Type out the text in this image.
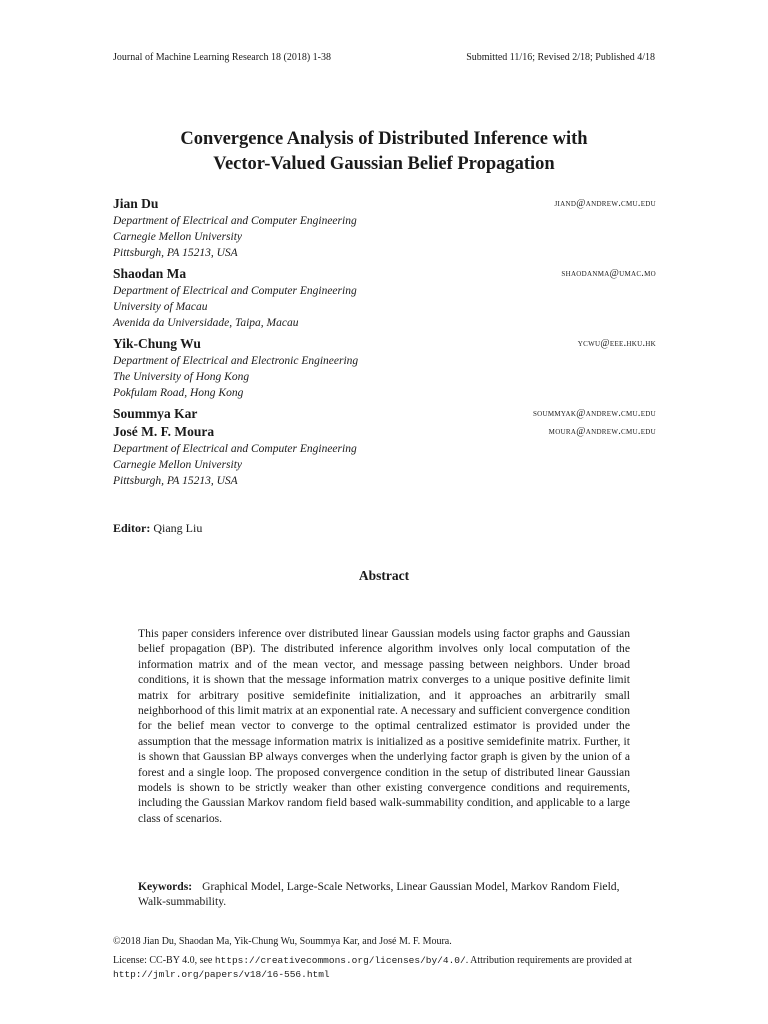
Journal of Machine Learning Research 18 (2018) 1-38	Submitted 11/16; Revised 2/18; Published 4/18
Convergence Analysis of Distributed Inference with
Vector-Valued Gaussian Belief Propagation
jiand@andrew.cmu.edu
Jian Du
Department of Electrical and Computer Engineering
Carnegie Mellon University
Pittsburgh, PA 15213, USA
shaodanma@umac.mo
Shaodan Ma
Department of Electrical and Computer Engineering
University of Macau
Avenida da Universidade, Taipa, Macau
ycwu@eee.hku.hk
Yik-Chung Wu
Department of Electrical and Electronic Engineering
The University of Hong Kong
Pokfulam Road, Hong Kong
soummyak@andrew.cmu.edu
Soummya Kar
moura@andrew.cmu.edu
José M. F. Moura
Department of Electrical and Computer Engineering
Carnegie Mellon University
Pittsburgh, PA 15213, USA
Editor: Qiang Liu
Abstract
This paper considers inference over distributed linear Gaussian models using factor graphs and Gaussian belief propagation (BP). The distributed inference algorithm involves only local computation of the information matrix and of the mean vector, and message passing between neighbors. Under broad conditions, it is shown that the message information matrix converges to a unique positive definite limit matrix for arbitrary positive semidefinite initialization, and it approaches an arbitrarily small neighborhood of this limit matrix at an exponential rate. A necessary and sufficient convergence condition for the belief mean vector to converge to the optimal centralized estimator is provided under the assumption that the message information matrix is initialized as a positive semidefinite matrix. Further, it is shown that Gaussian BP always converges when the underlying factor graph is given by the union of a forest and a single loop. The proposed convergence condition in the setup of distributed linear Gaussian models is shown to be strictly weaker than other existing convergence conditions and requirements, including the Gaussian Markov random field based walk-summability condition, and applicable to a large class of scenarios.
Keywords: Graphical Model, Large-Scale Networks, Linear Gaussian Model, Markov Random Field, Walk-summability.
©2018 Jian Du, Shaodan Ma, Yik-Chung Wu, Soummya Kar, and José M. F. Moura.
License: CC-BY 4.0, see https://creativecommons.org/licenses/by/4.0/. Attribution requirements are provided at http://jmlr.org/papers/v18/16-556.html
